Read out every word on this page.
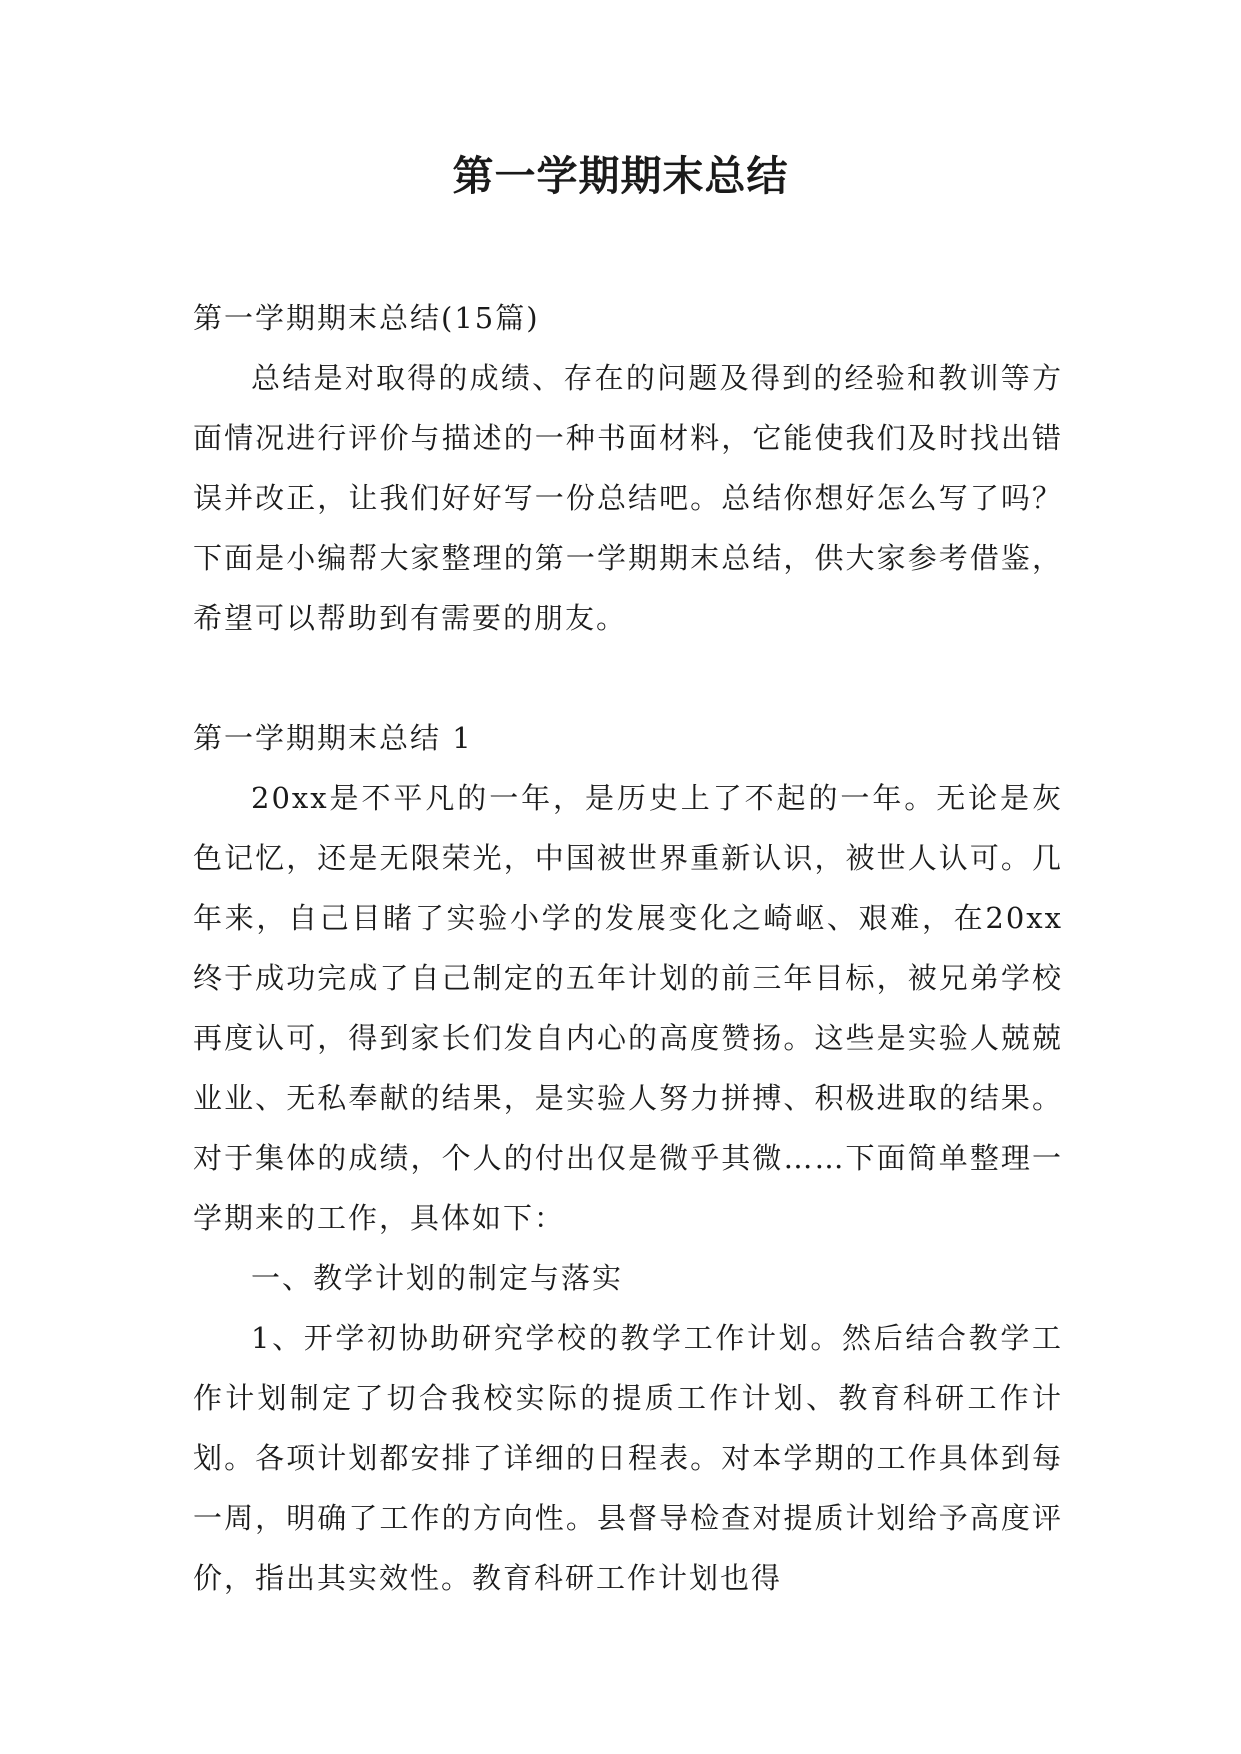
第一学期期末总结

第一学期期末总结(15篇)

总结是对取得的成绩、存在的问题及得到的经验和教训等方面情况进行评价与描述的一种书面材料，它能使我们及时找出错误并改正，让我们好好写一份总结吧。总结你想好怎么写了吗？下面是小编帮大家整理的第一学期期末总结，供大家参考借鉴，希望可以帮助到有需要的朋友。

第一学期期末总结 1

20xx是不平凡的一年，是历史上了不起的一年。无论是灰色记忆，还是无限荣光，中国被世界重新认识，被世人认可。几年来，自己目睹了实验小学的发展变化之崎岖、艰难，在20xx终于成功完成了自己制定的五年计划的前三年目标，被兄弟学校再度认可，得到家长们发自内心的高度赞扬。这些是实验人兢兢业业、无私奉献的结果，是实验人努力拼搏、积极进取的结果。对于集体的成绩，个人的付出仅是微乎其微……下面简单整理一学期来的工作，具体如下：

一、教学计划的制定与落实

1、开学初协助研究学校的教学工作计划。然后结合教学工作计划制定了切合我校实际的提质工作计划、教育科研工作计划。各项计划都安排了详细的日程表。对本学期的工作具体到每一周，明确了工作的方向性。县督导检查对提质计划给予高度评价，指出其实效性。教育科研工作计划也得
